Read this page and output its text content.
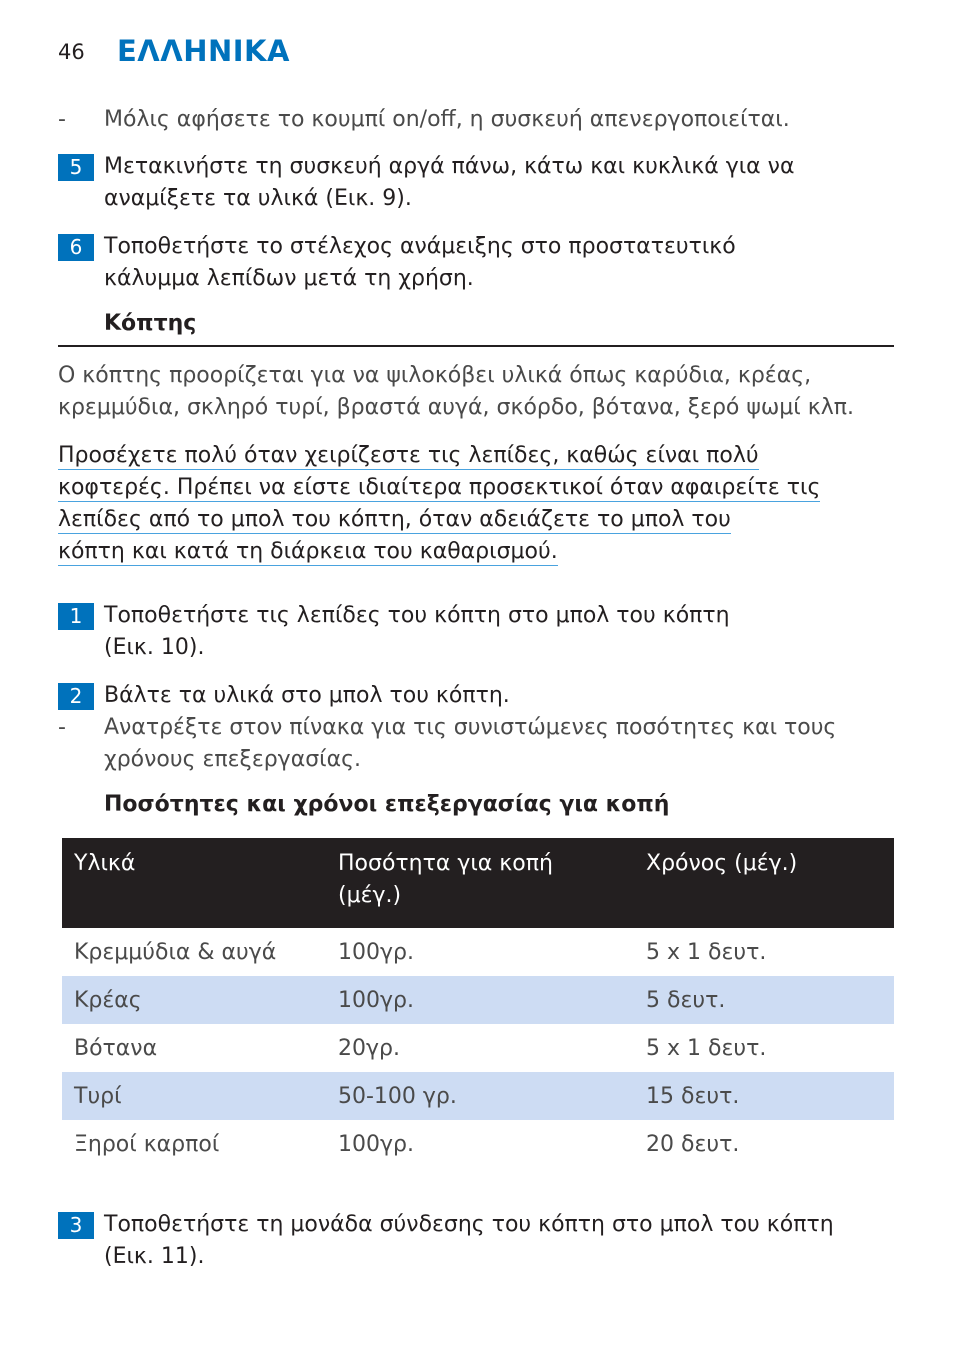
46 ΕΛΛΗΝΙΚΑ
- Μόλις αφήσετε το κουμπί on/off, η συσκευή απενεργοποιείται.
5 Μετακινήστε τη συσκευή αργά πάνω, κάτω και κυκλικά για να αναμίξετε τα υλικά (Εικ. 9).
6 Τοποθετήστε το στέλεχος ανάμειξης στο προστατευτικό κάλυμμα λεπίδων μετά τη χρήση.
Κόπτης
Ο κόπτης προορίζεται για να ψιλοκόβει υλικά όπως καρύδια, κρέας, κρεμμύδια, σκληρό τυρί, βραστά αυγά, σκόρδο, βότανα, ξερό ψωμί κλπ.
Προσέχετε πολύ όταν χειρίζεστε τις λεπίδες, καθώς είναι πολύ
κοφτερές. Πρέπει να είστε ιδιαίτερα προσεκτικοί όταν αφαιρείτε τις
λεπίδες από το μπολ του κόπτη, όταν αδειάζετε το μπολ του
κόπτη και κατά τη διάρκεια του καθαρισμού.
1 Τοποθετήστε τις λεπίδες του κόπτη στο μπολ του κόπτη (Εικ. 10).
2 Βάλτε τα υλικά στο μπολ του κόπτη.
- Ανατρέξτε στον πίνακα για τις συνιστώμενες ποσότητες και τους χρόνους επεξεργασίας.
Ποσότητες και χρόνοι επεξεργασίας για κοπή
Υλικά	Ποσότητα για κοπή (μέγ.)	Χρόνος (μέγ.)
Κρεμμύδια & αυγά	100γρ.	5 x 1 δευτ.
Κρέας	100γρ.	5 δευτ.
Βότανα	20γρ.	5 x 1 δευτ.
Τυρί	50-100 γρ.	15 δευτ.
Ξηροί καρποί	100γρ.	20 δευτ.
3 Τοποθετήστε τη μονάδα σύνδεσης του κόπτη στο μπολ του κόπτη (Εικ. 11).
